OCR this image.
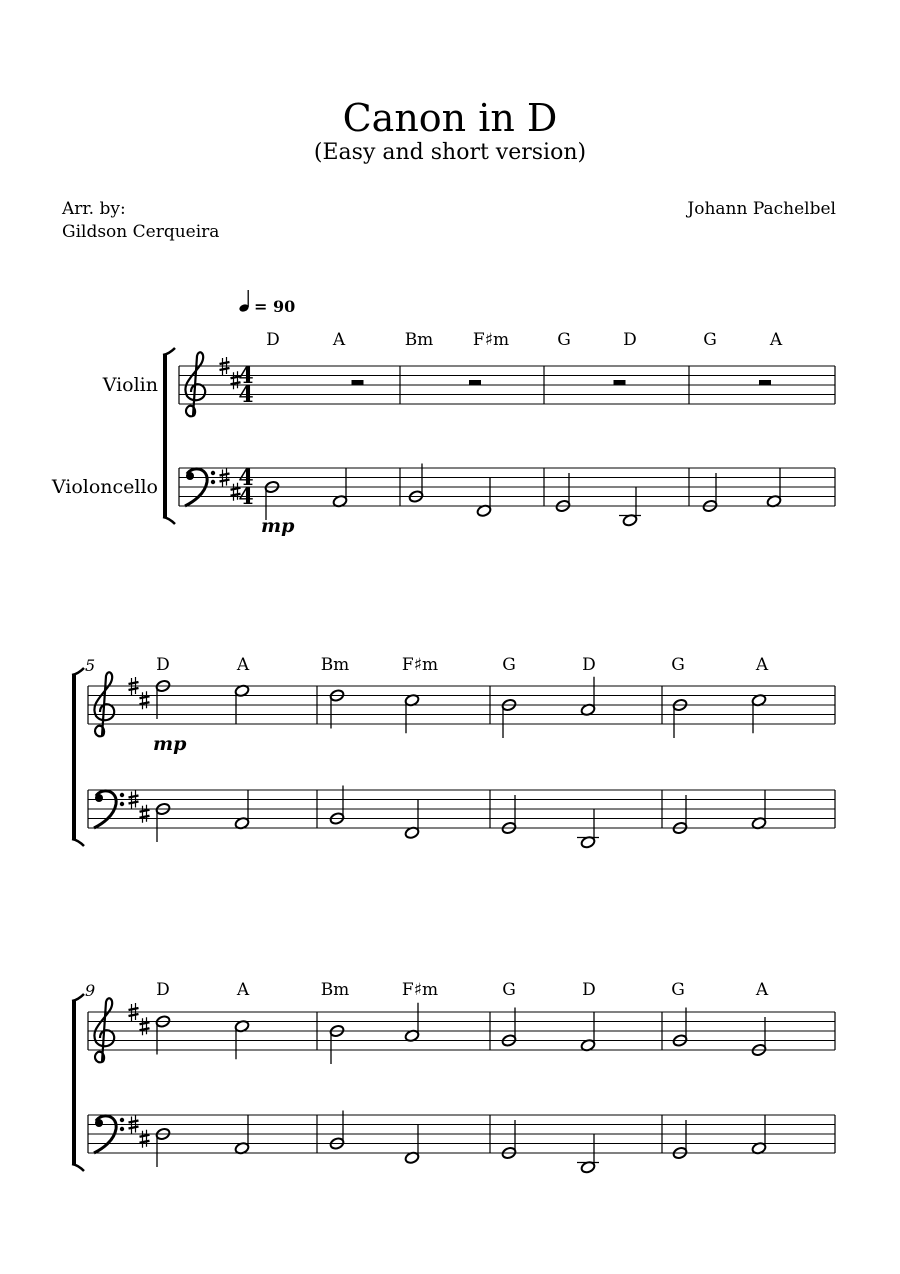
Canon in D
(Easy and short version)
Arr. by:
Gildson Cerqueira
Johann Pachelbel
= 90
4
4
4
4
Violin
Violoncello
D	A	Bm F♯m	G	D	G	A
mp
5	D	A	Bm	F♯m	G	D	G	A
mp
9	D	A	Bm	F♯m	G	D	G	A
